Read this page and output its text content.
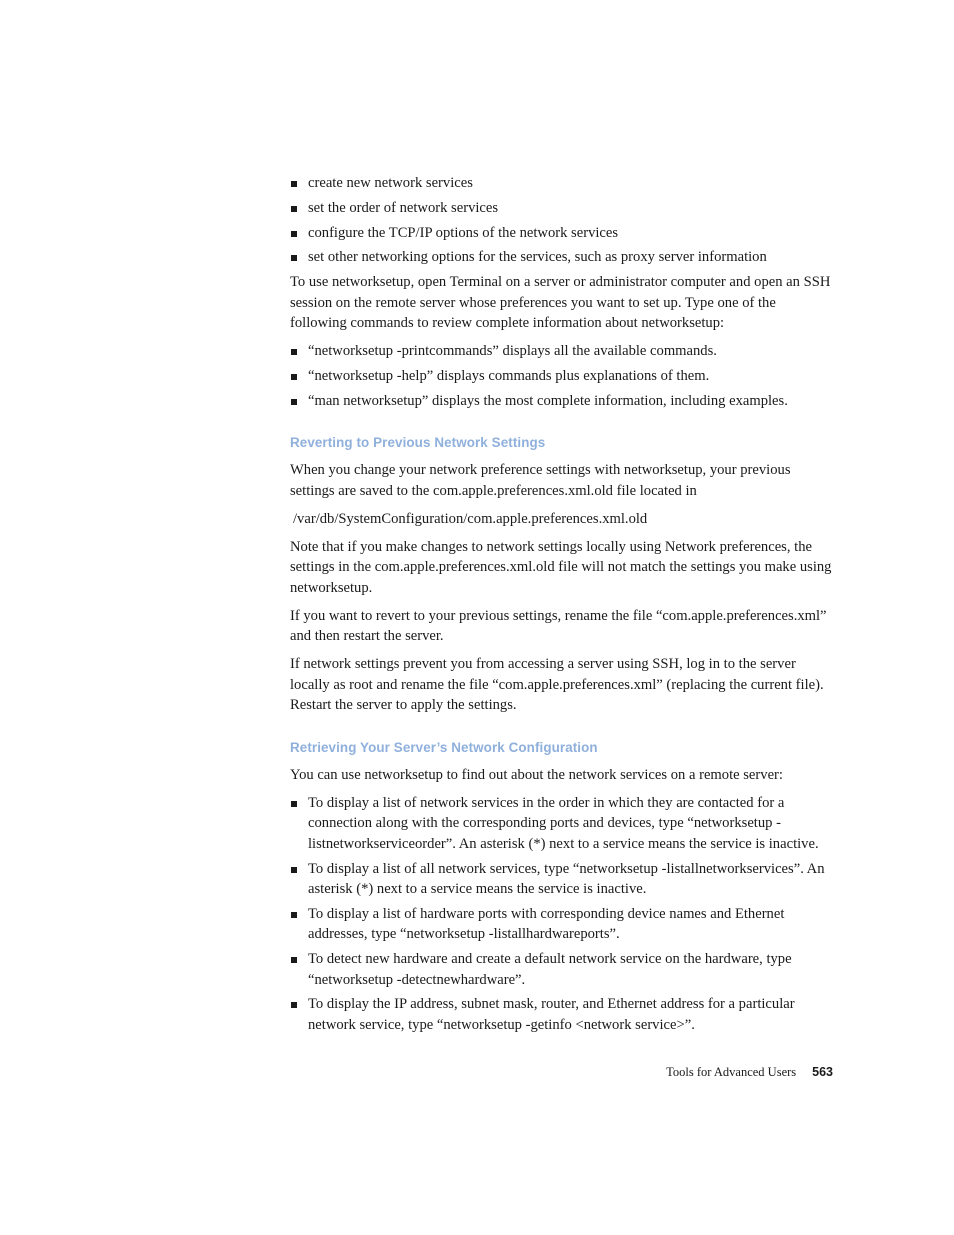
create new network services
set the order of network services
configure the TCP/IP options of the network services
set other networking options for the services, such as proxy server information

To use networksetup, open Terminal on a server or administrator computer and open an SSH session on the remote server whose preferences you want to set up. Type one of the following commands to review complete information about networksetup:

“networksetup -printcommands” displays all the available commands.
“networksetup -help” displays commands plus explanations of them.
“man networksetup” displays the most complete information, including examples.
Reverting to Previous Network Settings

When you change your network preference settings with networksetup, your previous settings are saved to the com.apple.preferences.xml.old file located in

/var/db/SystemConfiguration/com.apple.preferences.xml.old

Note that if you make changes to network settings locally using Network preferences, the settings in the com.apple.preferences.xml.old file will not match the settings you make using networksetup.

If you want to revert to your previous settings, rename the file “com.apple.preferences.xml” and then restart the server.

If network settings prevent you from accessing a server using SSH, log in to the server locally as root and rename the file “com.apple.preferences.xml” (replacing the current file). Restart the server to apply the settings.

Retrieving Your Server’s Network Configuration

You can use networksetup to find out about the network services on a remote server:

To display a list of network services in the order in which they are contacted for a connection along with the corresponding ports and devices, type “networksetup -listnetworkserviceorder”. An asterisk (*) next to a service means the service is inactive.
To display a list of all network services, type “networksetup -listallnetworkservices”. An asterisk (*) next to a service means the service is inactive.
To display a list of hardware ports with corresponding device names and Ethernet addresses, type “networksetup -listallhardwareports”.
To detect new hardware and create a default network service on the hardware, type “networksetup -detectnewhardware”.
To display the IP address, subnet mask, router, and Ethernet address for a particular network service, type “networksetup -getinfo <network service>”.
Tools for Advanced Users 563
